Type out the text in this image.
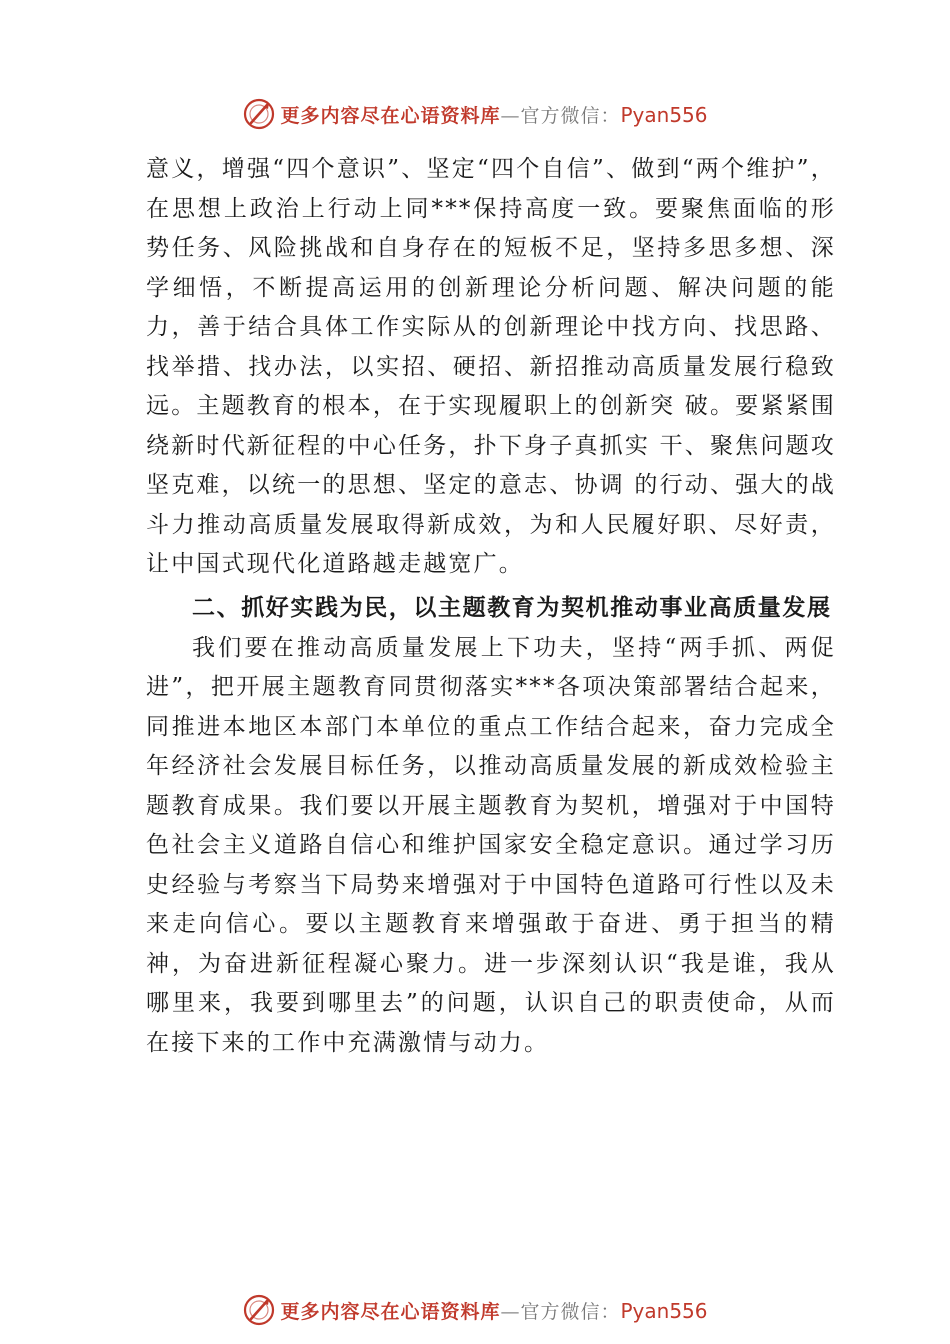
更多内容尽在心语资料库—官方微信：Pyan556

意义，增强“四个意识”、坚定“四个自信”、做到“两个维护”，在思想上政治上行动上同***保持高度一致。要聚焦面临的形势任务、风险挑战和自身存在的短板不足，坚持多思多想、深学细悟，不断提高运用的创新理论分析问题、解决问题的能力，善于结合具体工作实际从的创新理论中找方向、找思路、找举措、找办法，以实招、硬招、新招推动高质量发展行稳致远。主题教育的根本，在于实现履职上的创新突 破。要紧紧围绕新时代新征程的中心任务，扑下身子真抓实 干、聚焦问题攻坚克难，以统一的思想、坚定的意志、协调 的行动、强大的战斗力推动高质量发展取得新成效，为和人民履好职、尽好责，让中国式现代化道路越走越宽广。

二、抓好实践为民，以主题教育为契机推动事业高质量发展

我们要在推动高质量发展上下功夫，坚持“两手抓、两促进”，把开展主题教育同贯彻落实***各项决策部署结合起来，同推进本地区本部门本单位的重点工作结合起来，奋力完成全年经济社会发展目标任务，以推动高质量发展的新成效检验主题教育成果。我们要以开展主题教育为契机，增强对于中国特色社会主义道路自信心和维护国家安全稳定意识。通过学习历史经验与考察当下局势来增强对于中国特色道路可行性以及未来走向信心。要以主题教育来增强敢于奋进、勇于担当的精神，为奋进新征程凝心聚力。进一步深刻认识“我是谁，我从哪里来，我要到哪里去”的问题，认识自己的职责使命，从而在接下来的工作中充满激情与动力。

更多内容尽在心语资料库—官方微信：Pyan556
